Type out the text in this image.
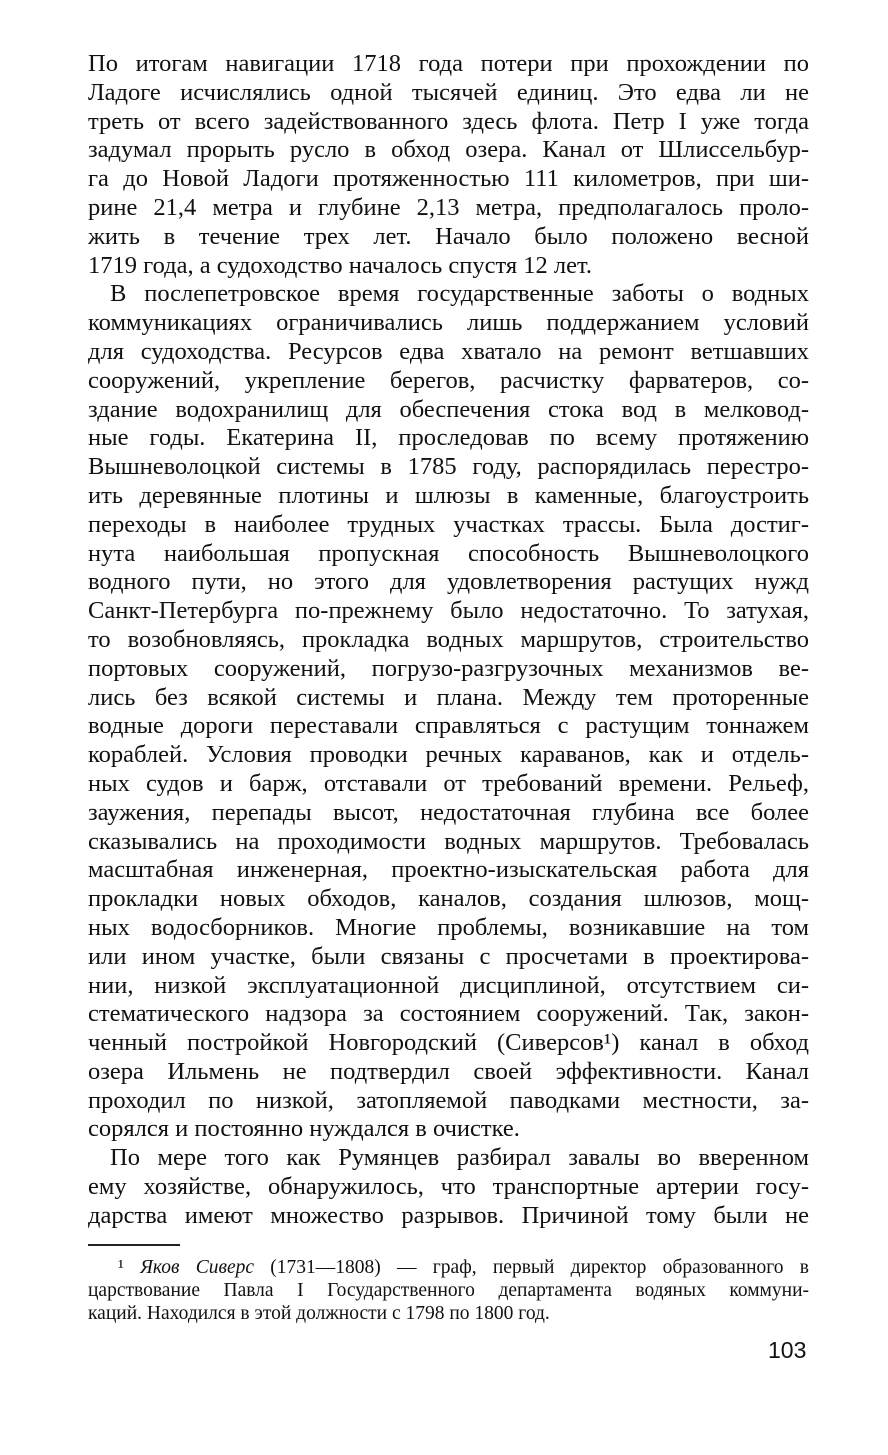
По итогам навигации 1718 года потери при прохождении по
Ладоге исчислялись одной тысячей единиц. Это едва ли не
треть от всего задействованного здесь флота. Петр I уже тогда
задумал прорыть русло в обход озера. Канал от Шлиссельбур-
га до Новой Ладоги протяженностью 111 километров, при ши-
рине 21,4 метра и глубине 2,13 метра, предполагалось проло-
жить в течение трех лет. Начало было положено весной
1719 года, а судоходство началось спустя 12 лет.
В послепетровское время государственные заботы о водных
коммуникациях ограничивались лишь поддержанием условий
для судоходства. Ресурсов едва хватало на ремонт ветшавших
сооружений, укрепление берегов, расчистку фарватеров, со-
здание водохранилищ для обеспечения стока вод в мелковод-
ные годы. Екатерина II, проследовав по всему протяжению
Вышневолоцкой системы в 1785 году, распорядилась перестро-
ить деревянные плотины и шлюзы в каменные, благоустроить
переходы в наиболее трудных участках трассы. Была достиг-
нута наибольшая пропускная способность Вышневолоцкого
водного пути, но этого для удовлетворения растущих нужд
Санкт-Петербурга по-прежнему было недостаточно. То затухая,
то возобновляясь, прокладка водных маршрутов, строительство
портовых сооружений, погрузо-разгрузочных механизмов ве-
лись без всякой системы и плана. Между тем проторенные
водные дороги переставали справляться с растущим тоннажем
кораблей. Условия проводки речных караванов, как и отдель-
ных судов и барж, отставали от требований времени. Рельеф,
заужения, перепады высот, недостаточная глубина все более
сказывались на проходимости водных маршрутов. Требовалась
масштабная инженерная, проектно-изыскательская работа для
прокладки новых обходов, каналов, создания шлюзов, мощ-
ных водосборников. Многие проблемы, возникавшие на том
или ином участке, были связаны с просчетами в проектирова-
нии, низкой эксплуатационной дисциплиной, отсутствием си-
стематического надзора за состоянием сооружений. Так, закон-
ченный постройкой Новгородский (Сиверсов¹) канал в обход
озера Ильмень не подтвердил своей эффективности. Канал
проходил по низкой, затопляемой паводками местности, за-
сорялся и постоянно нуждался в очистке.
По мере того как Румянцев разбирал завалы во вверенном
ему хозяйстве, обнаружилось, что транспортные артерии госу-
дарства имеют множество разрывов. Причиной тому были не
¹ Яков Сиверс (1731—1808) — граф, первый директор образованного в
царствование Павла I Государственного департамента водяных коммуни-
каций. Находился в этой должности с 1798 по 1800 год.
103
